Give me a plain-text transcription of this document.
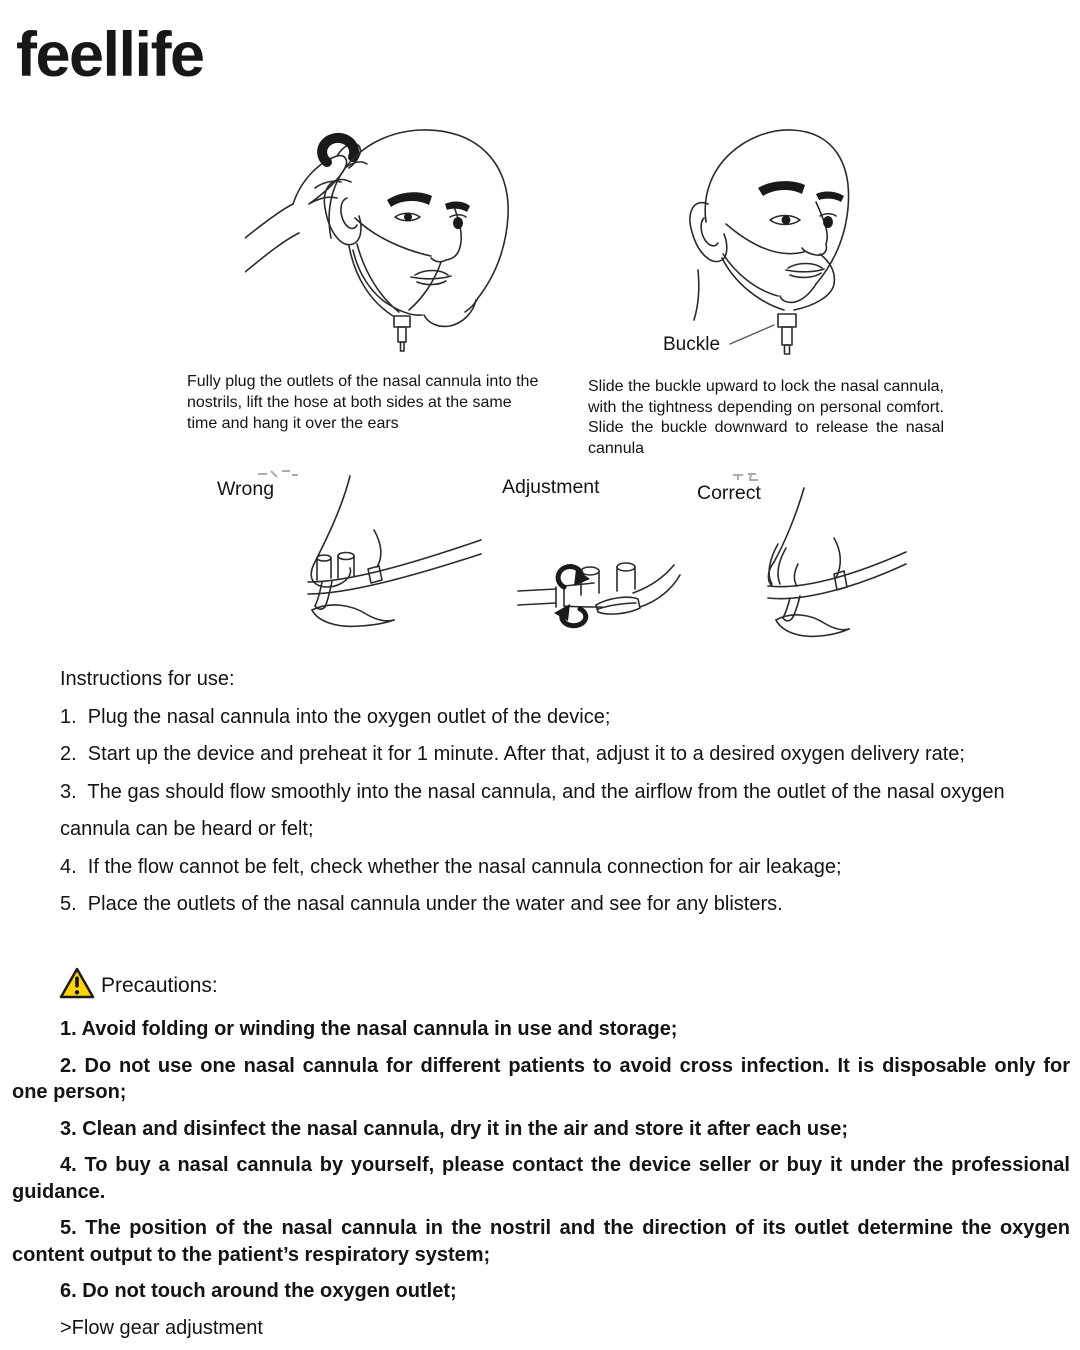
feellife
Buckle
Fully plug the outlets of the nasal cannula into the nostrils, lift the hose at both sides at the same time and hang it over the ears
Slide the buckle upward to lock the nasal cannula, with the tightness depending on personal comfort. Slide the buckle downward to release the nasal cannula
Wrong	Adjustment	Correct

Instructions for use:

1.  Plug the nasal cannula into the oxygen outlet of the device;

2.  Start up the device and preheat it for 1 minute. After that, adjust it to a desired oxygen delivery rate;

3.  The gas should flow smoothly into the nasal cannula, and the airflow from the outlet of the nasal oxygen cannula can be heard or felt;

4.  If the flow cannot be felt, check whether the nasal cannula connection for air leakage;

5.  Place the outlets of the nasal cannula under the water and see for any blisters.

Precautions:

1. Avoid folding or winding the nasal cannula in use and storage;

2. Do not use one nasal cannula for different patients to avoid cross infection. It is disposable only for one person;

3. Clean and disinfect the nasal cannula, dry it in the air and store it after each use;

4. To buy a nasal cannula by yourself, please contact the device seller or buy it under the professional guidance.

5. The position of the nasal cannula in the nostril and the direction of its outlet determine the oxygen content output to the patient’s respiratory system;

6. Do not touch around the oxygen outlet;

>Flow gear adjustment
